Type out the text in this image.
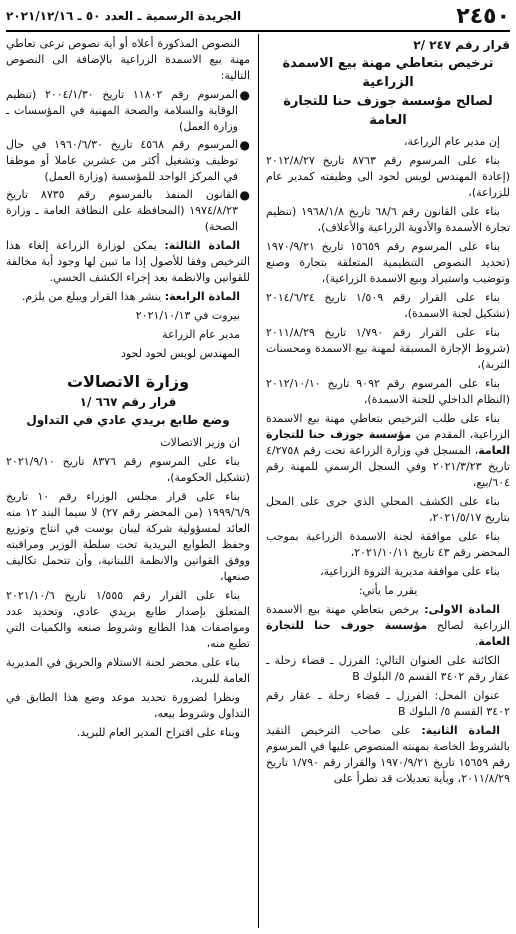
٢٤٥٠
الجريدة الرسمية ـ العدد ٥٠ ـ ٢٠٢١/١٢/١٦

قرار رقم ٢٤٧ /٢

ترخيص بتعاطي مهنة بيع الاسمدة الزراعية

لصالح مؤسسة جوزف حنا للتجارة العامة

إن مدير عام الزراعة،

بناء على المرسوم رقم ٨٧٦٣ تاريخ ٢٠١٢/٨/٢٧ (إعادة المهندس لويس لحود الى وظيفته كمدير عام للزراعة)،

بناء على القانون رقم ٦٨/٦ تاريخ ١٩٦٨/١/٨ (تنظيم تجارة الأسمدة والأدوية الزراعية والأعلاف)،

بناء على المرسوم رقم ١٥٦٥٩ تاريخ ١٩٧٠/٩/٢١ (تحديد النصوص التنظيمية المتعلقة بتجارة وصنع وتوضيب واستيراد وبيع الاسمدة الزراعية)،

بناء على القرار رقم ١/٥٠٩ تاريخ ٢٠١٤/٦/٢٤ (تشكيل لجنة الاسمدة)،

بناء على القرار رقم ١/٧٩٠ تاريخ ٢٠١١/٨/٢٩ (شروط الإجازة المسبقة لمهنة بيع الاسمدة ومحسنات التربة)،

بناء على المرسوم رقم ٩٠٩٢ تاريخ ٢٠١٢/١٠/١٠ (النظام الداخلي للجنة الاسمدة)،

بناء على طلب الترخيص بتعاطي مهنة بيع الاسمدة الزراعية، المقدم من مؤسسة جوزف حنا للتجارة العامة، المسجل في وزارة الزراعة تحت رقم ٤/٢٧٥٨ تاريخ ٢٠٢١/٣/٢٣ وفي السجل الرسمي للمهنة رقم ٦٠٤/بيع،

بناء على الكشف المحلي الذي جرى على المحل بتاريخ ٢٠٢١/٥/١٧،

بناء على موافقة لجنة الاسمدة الزراعية بموجب المحضر رقم ٤٣ تاريخ ٢٠٢١/١٠/١١،

بناء على موافقة مديرية الثروة الزراعية،

يقرر ما يأتي:

المادة الاولى: يرخص بتعاطي مهنة بيع الاسمدة الزراعية لصالح مؤسسة جوزف حنا للتجارة العامة.

الكائنة على العنوان التالي: الفرزل ـ قضاء زحلة ـ عقار رقم ٣٤٠٢ القسم ٥/ البلوك B

عنوان المحل: الفرزل ـ قضاء زحلة ـ عقار رقم ٣٤٠٢ القسم ٥/ البلوك B

المادة الثانية: على صاحب الترخيص التقيد بالشروط الخاصة بمهنته المنصوص عليها في المرسوم رقم ١٥٦٥٩ تاريخ ١٩٧٠/٩/٢١ والقرار رقم ١/٧٩٠ تاريخ ٢٠١١/٨/٢٩، وبأية تعديلات قد تطرأ على

النصوص المذكورة أعلاه أو أية نصوص ترعى تعاطي مهنة بيع الاسمدة الزراعية بالإضافة الى النصوص التالية:

●
المرسوم رقم ١١٨٠٢ تاريخ ٢٠٠٤/١/٣٠ (تنظيم الوقاية والسلامة والصحة المهنية في المؤسسات ـ وزارة العمل)
●
المرسوم رقم ٤٥٦٨ تاريخ ١٩٦٠/٦/٣٠ في حال توظيف وتشغيل أكثر من عشرين عاملا أو موظفا في المركز الواحد للمؤسسة (وزارة العمل)
●
القانون المنفذ بالمرسوم رقم ٨٧٣٥ تاريخ ١٩٧٤/٨/٢٣ (المحافظة على النظافة العامة ـ وزارة الصحة)

المادة الثالثة: يمكن لوزارة الزراعة إلغاء هذا الترخيص وفقا للأصول إذا ما تبين لها وجود أية مخالفة للقوانين والانظمة بعد إجراء الكشف الحسي.

المادة الرابعة: ينشر هذا القرار ويبلغ من يلزم.

بيروت في ٢٠٢١/١٠/١٣

مدير عام الزراعة

المهندس لويس لحود لحود

وزارة الاتصالات

قرار رقم ٦٦٧ /١

وضع طابع بريدي عادي في التداول

ان وزير الاتصالات

بناء على المرسوم رقم ٨٣٧٦ تاريخ ٢٠٢١/٩/١٠ (تشكيل الحكومة)،

بناء على قرار مجلس الوزراء رقم ١٠ تاريخ ١٩٩٩/٦/٩ (من المحضر رقم ٢٧) لا سيما البند ١٢ منه العائد لمسؤولية شركة ليبان بوست في انتاج وتوزيع وحفظ الطوابع البريدية تحت سلطة الوزير ومراقبته ووفق القوانين والانظمة اللبنانية، وأن تتحمل تكاليف صنعها،

بناء على القرار رقم ١/٥٥٥ تاريخ ٢٠٢١/١٠/٦ المتعلق بإصدار طابع بريدي عادي، وتحديد عدد ومواصفات هذا الطابع وشروط صنعه والكميات التي تطبع منه،

بناء على محضر لجنة الاستلام والحريق في المديرية العامة للبريد،

ونظرا لضرورة تحديد موعد وضع هذا الطابق في التداول وشروط بيعه،

وبناء على اقتراح المدير العام للبريد.
